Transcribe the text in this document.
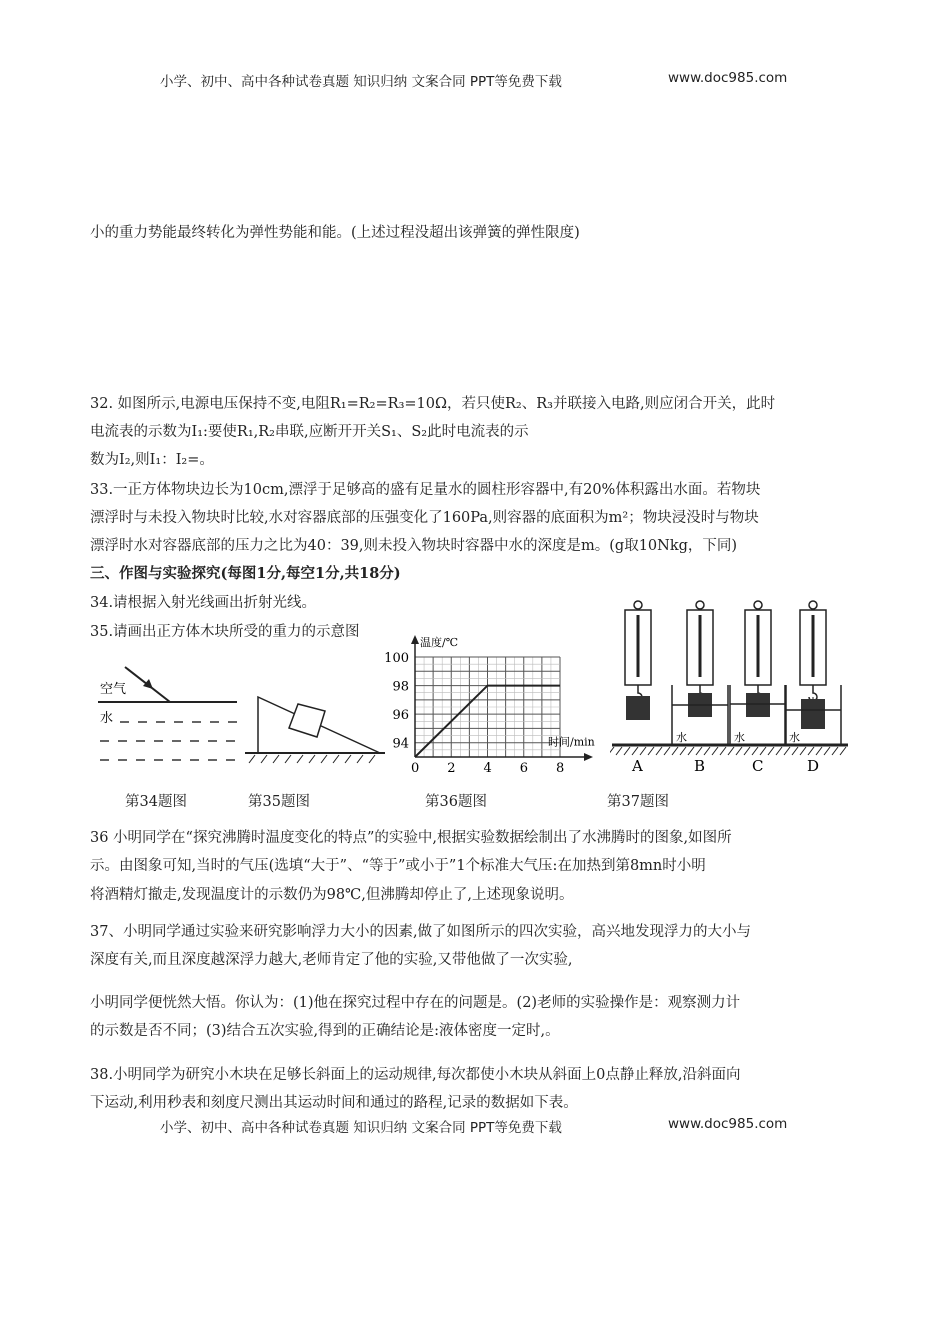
小学、初中、高中各种试卷真题 知识归纳 文案合同 PPT等免费下载	www.doc985.com
小的重力势能最终转化为弹性势能和能。(上述过程没超出该弹簧的弹性限度)
32. 如图所示,电源电压保持不变,电阻R₁=R₂=R₃=10Ω，若只使R₂、R₃并联接入电路,则应闭合开关，此时
电流表的示数为I₁:要使R₁,R₂串联,应断开开关S₁、S₂此时电流表的示
数为I₂,则I₁：I₂=。
33.一正方体物块边长为10cm,漂浮于足够高的盛有足量水的圆柱形容器中,有20%体积露出水面。若物块
漂浮时与未投入物块时比较,水对容器底部的压强变化了160Pa,则容器的底面积为m²；物块浸没时与物块
漂浮时水对容器底部的压力之比为40：39,则未投入物块时容器中水的深度是m。(g取10Nkg，下同)
三、作图与实验探究(每图1分,每空1分,共18分)
34.请根据入射光线画出折射光线。
35.请画出正方体木块所受的重力的示意图
空气
水
0 2 4 6 8
94
96
98
100
温度/℃
时间/min
A
水
B
水
C
水
D
第34题图	第35题图	第36题图	第37题图
36 小明同学在“探究沸腾时温度变化的特点”的实验中,根据实验数据绘制出了水沸腾时的图象,如图所
示。由图象可知,当时的气压(选填“大于”、“等于”或小于”1个标准大气压:在加热到第8mn时小明
将酒精灯撤走,发现温度计的示数仍为98℃,但沸腾却停止了,上述现象说明。
37、小明同学通过实验来研究影响浮力大小的因素,做了如图所示的四次实验，高兴地发现浮力的大小与
深度有关,而且深度越深浮力越大,老师肯定了他的实验,又带他做了一次实验,
小明同学便恍然大悟。你认为：(1)他在探究过程中存在的问题是。(2)老师的实验操作是：观察测力计
的示数是否不同；(3)结合五次实验,得到的正确结论是:液体密度一定时,。
38.小明同学为研究小木块在足够长斜面上的运动规律,每次都使小木块从斜面上0点静止释放,沿斜面向
下运动,利用秒表和刻度尺测出其运动时间和通过的路程,记录的数据如下表。
小学、初中、高中各种试卷真题 知识归纳 文案合同 PPT等免费下载	www.doc985.com
